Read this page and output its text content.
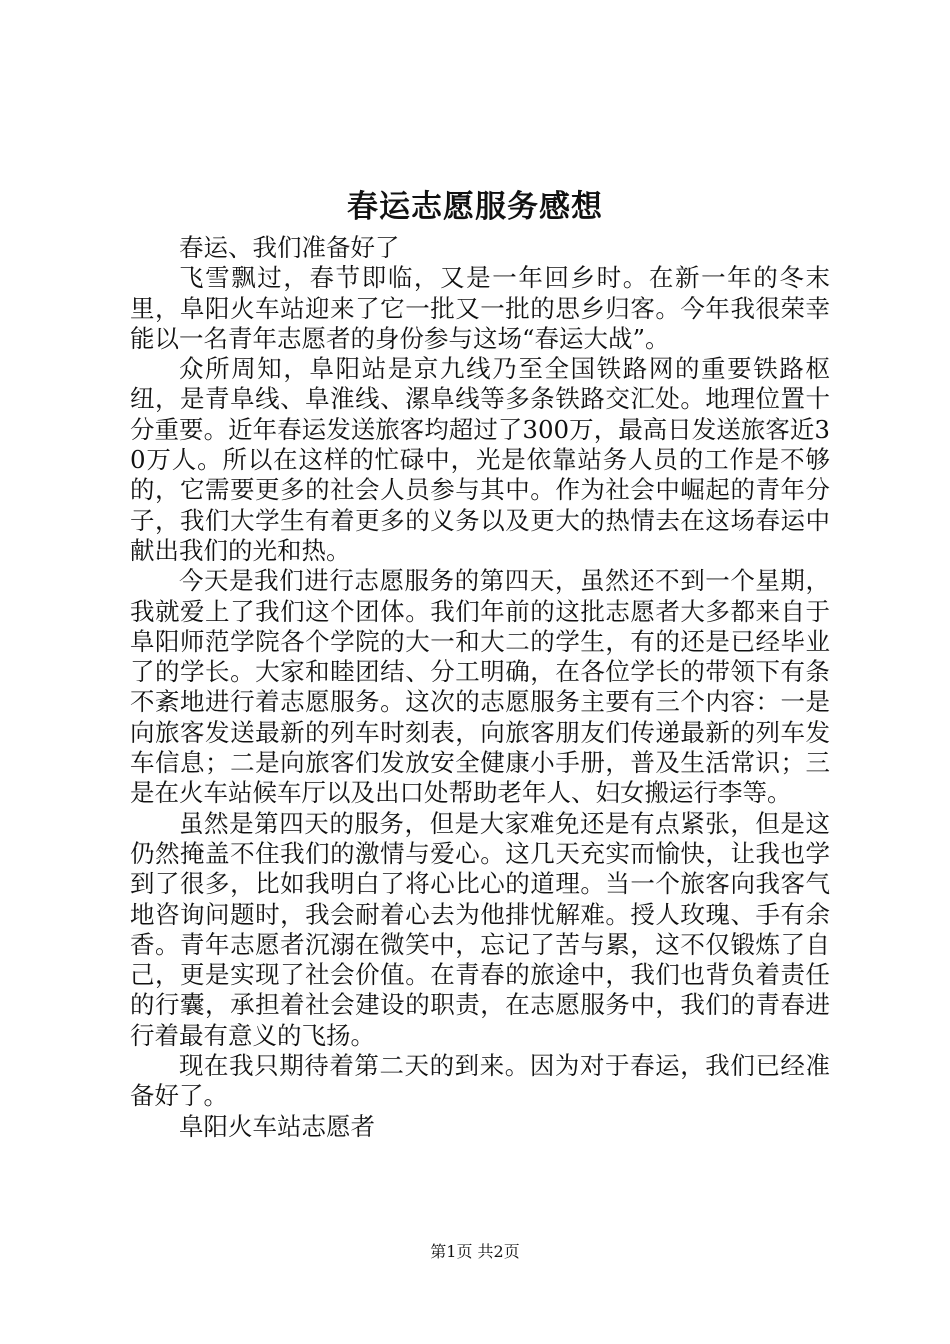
春运志愿服务感想

春运、我们准备好了

飞雪飘过，春节即临，又是一年回乡时。在新一年的冬末里，阜阳火车站迎来了它一批又一批的思乡归客。今年我很荣幸能以一名青年志愿者的身份参与这场“春运大战”。

众所周知，阜阳站是京九线乃至全国铁路网的重要铁路枢纽，是青阜线、阜淮线、漯阜线等多条铁路交汇处。地理位置十分重要。近年春运发送旅客均超过了300万，最高日发送旅客近30万人。所以在这样的忙碌中，光是依靠站务人员的工作是不够的，它需要更多的社会人员参与其中。作为社会中崛起的青年分子，我们大学生有着更多的义务以及更大的热情去在这场春运中献出我们的光和热。

今天是我们进行志愿服务的第四天，虽然还不到一个星期，我就爱上了我们这个团体。我们年前的这批志愿者大多都来自于阜阳师范学院各个学院的大一和大二的学生，有的还是已经毕业了的学长。大家和睦团结、分工明确，在各位学长的带领下有条不紊地进行着志愿服务。这次的志愿服务主要有三个内容：一是向旅客发送最新的列车时刻表，向旅客朋友们传递最新的列车发车信息；二是向旅客们发放安全健康小手册，普及生活常识；三是在火车站候车厅以及出口处帮助老年人、妇女搬运行李等。

虽然是第四天的服务，但是大家难免还是有点紧张，但是这仍然掩盖不住我们的激情与爱心。这几天充实而愉快，让我也学到了很多，比如我明白了将心比心的道理。当一个旅客向我客气地咨询问题时，我会耐着心去为他排忧解难。授人玫瑰、手有余香。青年志愿者沉溺在微笑中，忘记了苦与累，这不仅锻炼了自己，更是实现了社会价值。在青春的旅途中，我们也背负着责任的行囊，承担着社会建设的职责，在志愿服务中，我们的青春进行着最有意义的飞扬。

现在我只期待着第二天的到来。因为对于春运，我们已经准备好了。

阜阳火车站志愿者

第1页 共2页
